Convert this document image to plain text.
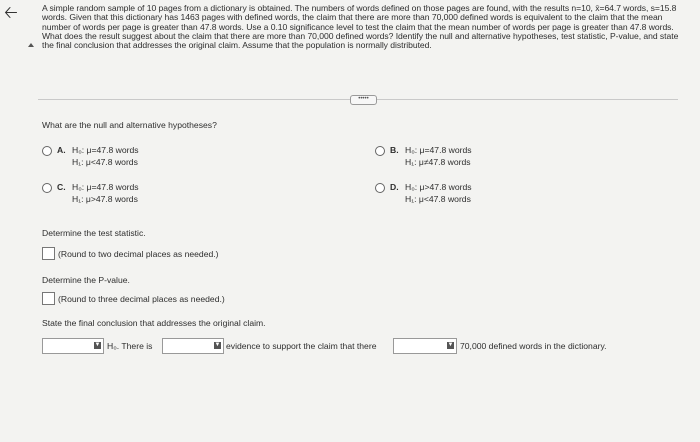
🡠	A simple random sample of 10 pages from a dictionary is obtained. The numbers of words defined on those pages are found, with the results n=10, x̄=64.7 words, s=15.8 words. Given that this dictionary has 1463 pages with defined words, the claim that there are more than 70,000 defined words is equivalent to the claim that the mean number of words per page is greater than 47.8 words. Use a 0.10 significance level to test the claim that the mean number of words per page is greater than 47.8 words. What does the result suggest about the claim that there are more than 70,000 defined words? Identify the null and alternative hypotheses, test statistic, P-value, and state the final conclusion that addresses the original claim. Assume that the population is normally distributed.
•••••
What are the null and alternative hypotheses?
A. H₀: μ=47.8 words
H₁: μ<47.8 words
B. H₀: μ=47.8 words
H₁: μ≠47.8 words
C. H₀: μ=47.8 words
H₁: μ>47.8 words
D. H₀: μ>47.8 words
H₁: μ<47.8 words
Determine the test statistic.
(Round to two decimal places as needed.)
Determine the P-value.
(Round to three decimal places as needed.)
State the final conclusion that addresses the original claim.
▼ H₀. There is	▼ evidence to support the claim that there	▼ 70,000 defined words in the dictionary.
